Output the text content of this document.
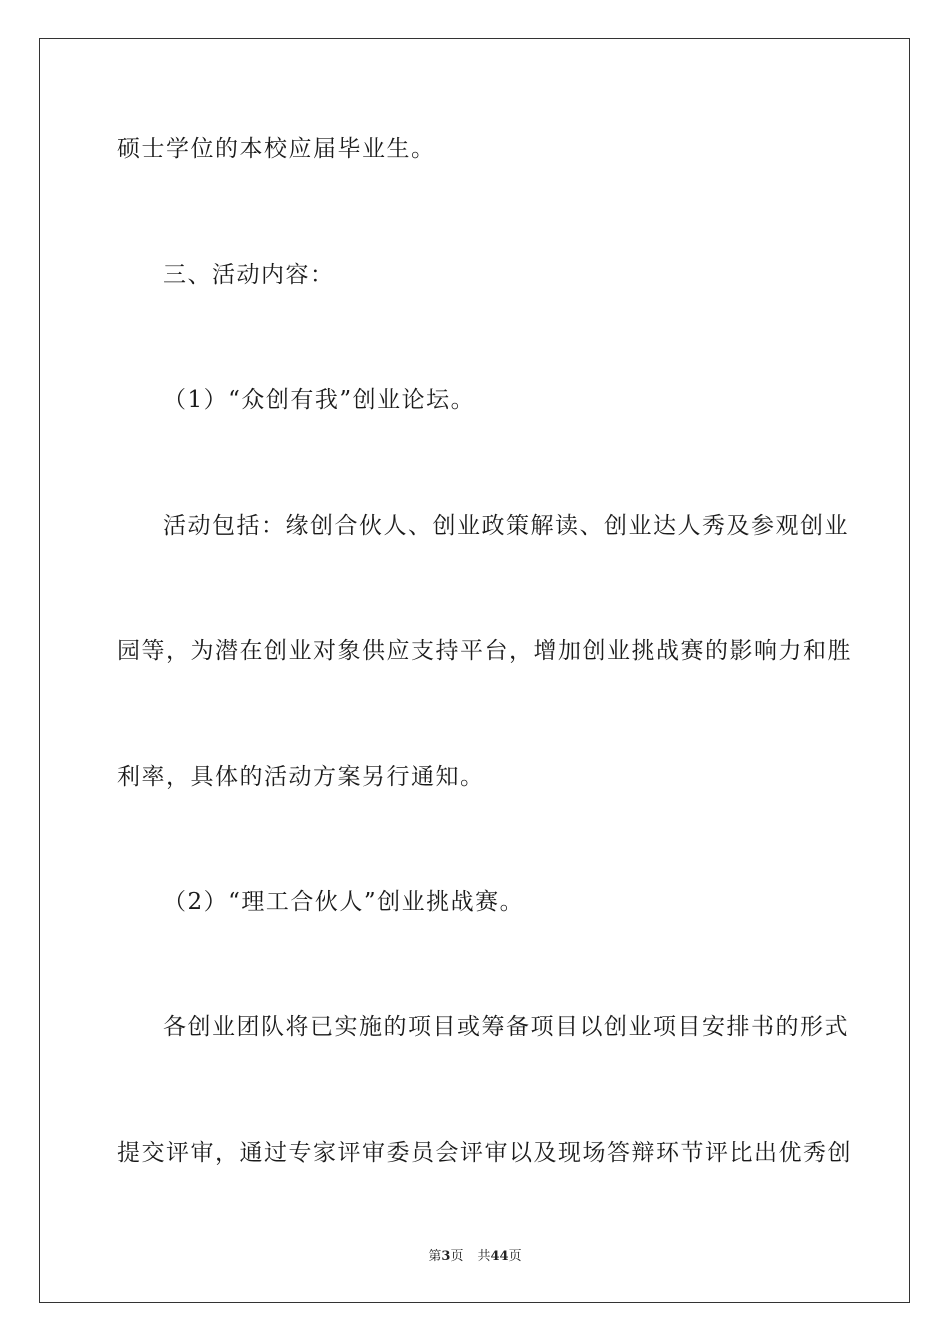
硕士学位的本校应届毕业生。
三、活动内容：
（1）“众创有我”创业论坛。
活动包括：缘创合伙人、创业政策解读、创业达人秀及参观创业
园等，为潜在创业对象供应支持平台，增加创业挑战赛的影响力和胜
利率，具体的活动方案另行通知。
（2）“理工合伙人”创业挑战赛。
各创业团队将已实施的项目或筹备项目以创业项目安排书的形式
提交评审，通过专家评审委员会评审以及现场答辩环节评比出优秀创
第3页 共44页
